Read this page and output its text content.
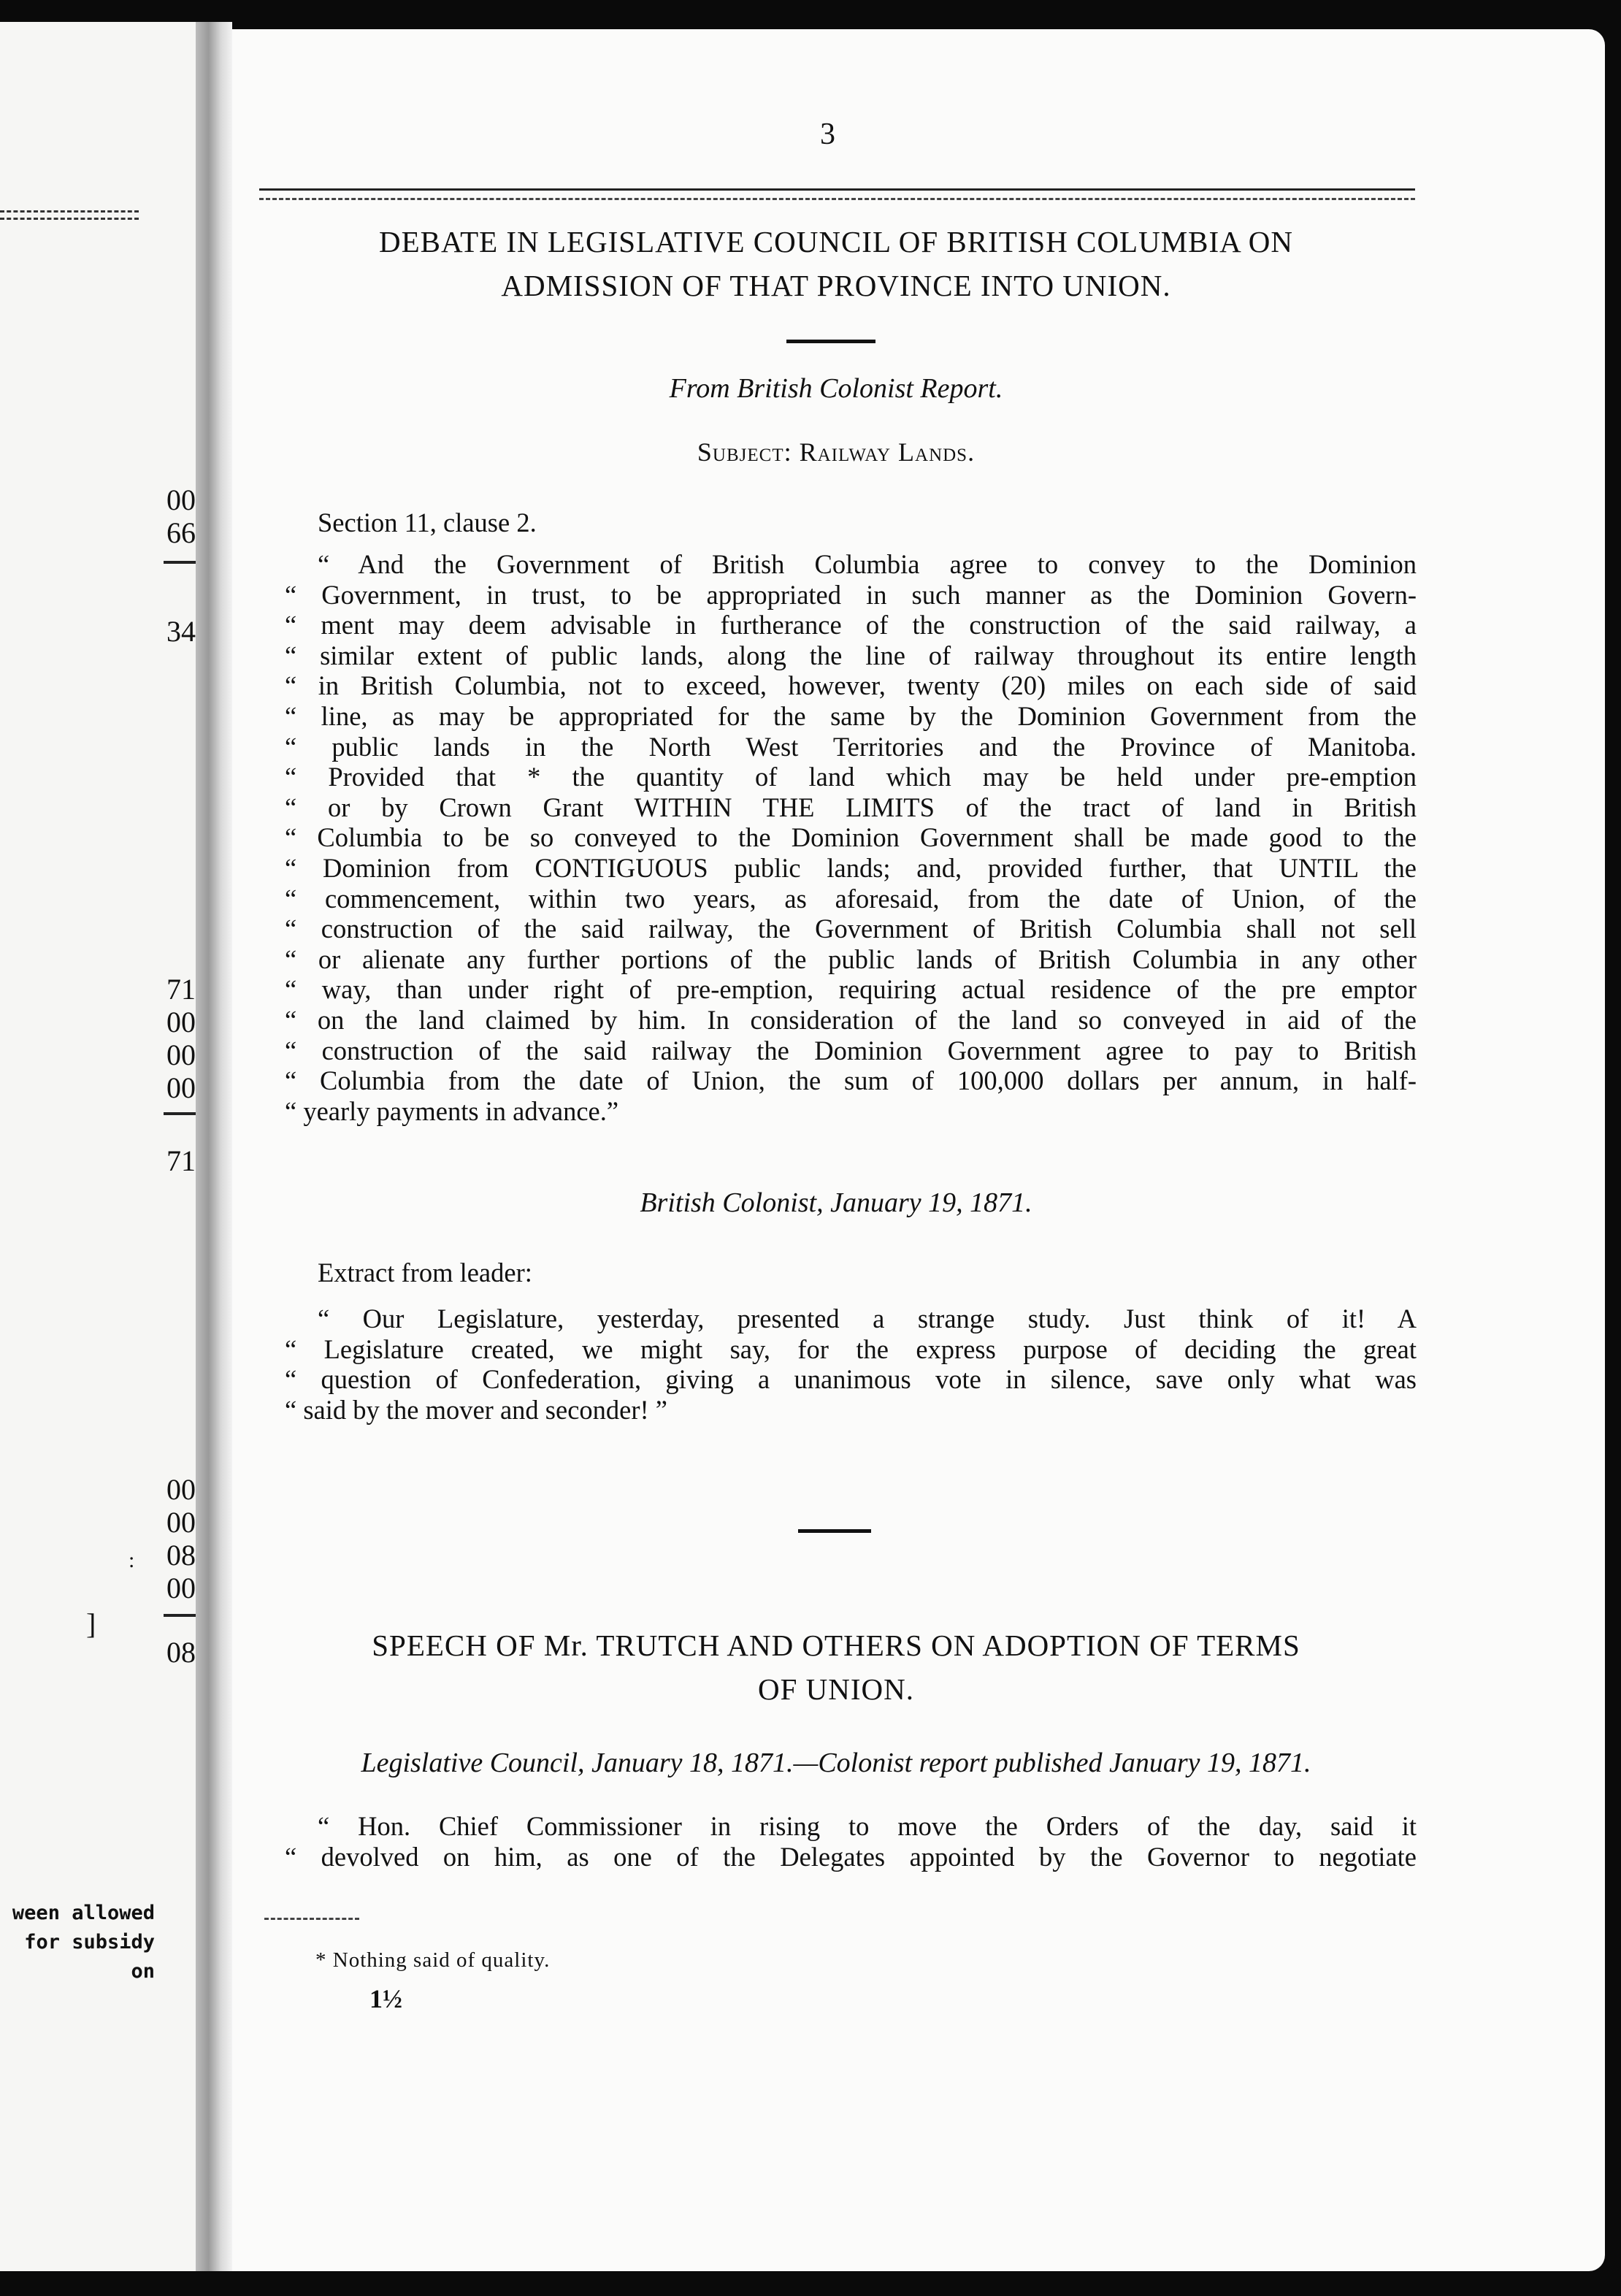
00
66
34
71
00
00
00
71
00
00
08
00
08
]
:
ween allowed
for subsidy on
3
DEBATE IN LEGISLATIVE COUNCIL OF BRITISH COLUMBIA ON
ADMISSION OF THAT PROVINCE INTO UNION.
From British Colonist Report.
Subject: Railway Lands.
Section 11, clause 2.
“ And the Government of British Columbia agree to convey to the Dominion
“ Government, in trust, to be appropriated in such manner as the Dominion Govern-
“ ment may deem advisable in furtherance of the construction of the said railway, a
“ similar extent of public lands, along the line of railway throughout its entire length
“ in British Columbia, not to exceed, however, twenty (20) miles on each side of said
“ line, as may be appropriated for the same by the Dominion Government from the
“ public lands in the North West Territories and the Province of Manitoba.
“ Provided that * the quantity of land which may be held under pre-emption
“ or by Crown Grant WITHIN THE LIMITS of the tract of land in British
“ Columbia to be so conveyed to the Dominion Government shall be made good to the
“ Dominion from CONTIGUOUS public lands; and, provided further, that UNTIL the
“ commencement, within two years, as aforesaid, from the date of Union, of the
“ construction of the said railway, the Government of British Columbia shall not sell
“ or alienate any further portions of the public lands of British Columbia in any other
“ way, than under right of pre-emption, requiring actual residence of the pre emptor
“ on the land claimed by him. In consideration of the land so conveyed in aid of the
“ construction of the said railway the Dominion Government agree to pay to British
“ Columbia from the date of Union, the sum of 100,000 dollars per annum, in half-
“ yearly payments in advance.”
British Colonist, January 19, 1871.
Extract from leader:
“ Our Legislature, yesterday, presented a strange study. Just think of it! A
“ Legislature created, we might say, for the express purpose of deciding the great
“ question of Confederation, giving a unanimous vote in silence, save only what was
“ said by the mover and seconder! ”
SPEECH OF Mr. TRUTCH AND OTHERS ON ADOPTION OF TERMS
OF UNION.
Legislative Council, January 18, 1871.—Colonist report published January 19, 1871.
“ Hon. Chief Commissioner in rising to move the Orders of the day, said it
“ devolved on him, as one of the Delegates appointed by the Governor to negotiate
* Nothing said of quality.
1½
